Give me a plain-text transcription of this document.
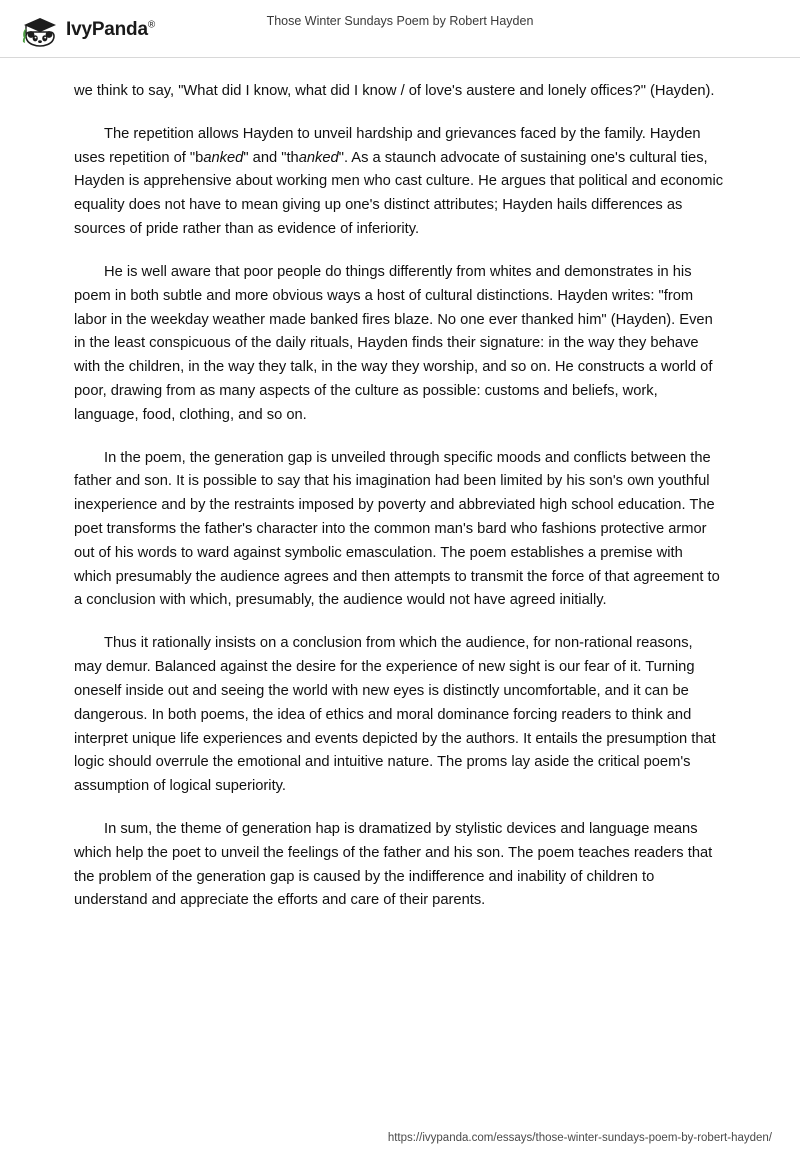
IvyPanda®	Those Winter Sundays Poem by Robert Hayden

we think to say, "What did I know, what did I know / of love's austere and lonely offices?" (Hayden).

The repetition allows Hayden to unveil hardship and grievances faced by the family. Hayden uses repetition of "banked" and "thanked". As a staunch advocate of sustaining one's cultural ties, Hayden is apprehensive about working men who cast culture. He argues that political and economic equality does not have to mean giving up one's distinct attributes; Hayden hails differences as sources of pride rather than as evidence of inferiority.

He is well aware that poor people do things differently from whites and demonstrates in his poem in both subtle and more obvious ways a host of cultural distinctions. Hayden writes: "from labor in the weekday weather made banked fires blaze. No one ever thanked him" (Hayden). Even in the least conspicuous of the daily rituals, Hayden finds their signature: in the way they behave with the children, in the way they talk, in the way they worship, and so on. He constructs a world of poor, drawing from as many aspects of the culture as possible: customs and beliefs, work, language, food, clothing, and so on.

In the poem, the generation gap is unveiled through specific moods and conflicts between the father and son. It is possible to say that his imagination had been limited by his son's own youthful inexperience and by the restraints imposed by poverty and abbreviated high school education. The poet transforms the father's character into the common man's bard who fashions protective armor out of his words to ward against symbolic emasculation. The poem establishes a premise with which presumably the audience agrees and then attempts to transmit the force of that agreement to a conclusion with which, presumably, the audience would not have agreed initially.

Thus it rationally insists on a conclusion from which the audience, for non-rational reasons, may demur. Balanced against the desire for the experience of new sight is our fear of it. Turning oneself inside out and seeing the world with new eyes is distinctly uncomfortable, and it can be dangerous. In both poems, the idea of ethics and moral dominance forcing readers to think and interpret unique life experiences and events depicted by the authors. It entails the presumption that logic should overrule the emotional and intuitive nature. The proms lay aside the critical poem's assumption of logical superiority.

In sum, the theme of generation hap is dramatized by stylistic devices and language means which help the poet to unveil the feelings of the father and his son. The poem teaches readers that the problem of the generation gap is caused by the indifference and inability of children to understand and appreciate the efforts and care of their parents.

https://ivypanda.com/essays/those-winter-sundays-poem-by-robert-hayden/
